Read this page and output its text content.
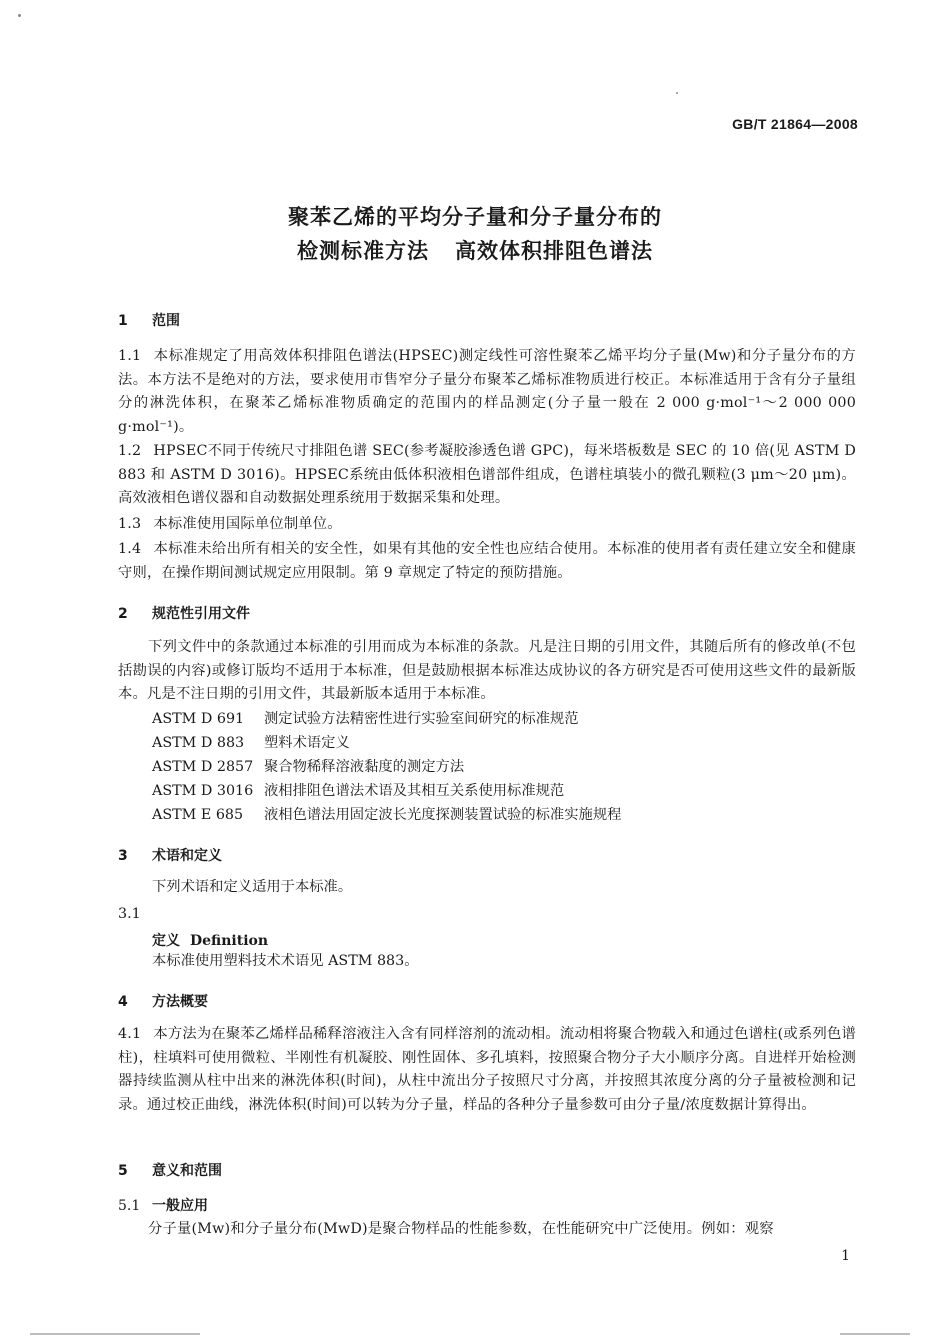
GB/T 21864—2008
聚苯乙烯的平均分子量和分子量分布的
检测标准方法 高效体积排阻色谱法
1 范围
1.1 本标准规定了用高效体积排阻色谱法(HPSEC)测定线性可溶性聚苯乙烯平均分子量(Mw)和分子量分布的方法。本方法不是绝对的方法，要求使用市售窄分子量分布聚苯乙烯标准物质进行校正。本标准适用于含有分子量组分的淋洗体积，在聚苯乙烯标准物质确定的范围内的样品测定(分子量一般在 2 000 g·mol⁻¹～2 000 000 g·mol⁻¹)。
1.2 HPSEC不同于传统尺寸排阻色谱 SEC(参考凝胶渗透色谱 GPC)，每米塔板数是 SEC 的 10 倍(见 ASTM D 883 和 ASTM D 3016)。HPSEC系统由低体积液相色谱部件组成，色谱柱填装小的微孔颗粒(3 μm～20 μm)。高效液相色谱仪器和自动数据处理系统用于数据采集和处理。
1.3 本标准使用国际单位制单位。
1.4 本标准未给出所有相关的安全性，如果有其他的安全性也应结合使用。本标准的使用者有责任建立安全和健康守则，在操作期间测试规定应用限制。第 9 章规定了特定的预防措施。
2 规范性引用文件
下列文件中的条款通过本标准的引用而成为本标准的条款。凡是注日期的引用文件，其随后所有的修改单(不包括勘误的内容)或修订版均不适用于本标准，但是鼓励根据本标准达成协议的各方研究是否可使用这些文件的最新版本。凡是不注日期的引用文件，其最新版本适用于本标准。
ASTM D 691 测定试验方法精密性进行实验室间研究的标准规范
ASTM D 883 塑料术语定义
ASTM D 2857 聚合物稀释溶液黏度的测定方法
ASTM D 3016 液相排阻色谱法术语及其相互关系使用标准规范
ASTM E 685 液相色谱法用固定波长光度探测装置试验的标准实施规程
3 术语和定义
下列术语和定义适用于本标准。
3.1
定义 Definition
本标准使用塑料技术术语见 ASTM 883。
4 方法概要
4.1 本方法为在聚苯乙烯样品稀释溶液注入含有同样溶剂的流动相。流动相将聚合物载入和通过色谱柱(或系列色谱柱)，柱填料可使用微粒、半刚性有机凝胶、刚性固体、多孔填料，按照聚合物分子大小顺序分离。自进样开始检测器持续监测从柱中出来的淋洗体积(时间)，从柱中流出分子按照尺寸分离，并按照其浓度分离的分子量被检测和记录。通过校正曲线，淋洗体积(时间)可以转为分子量，样品的各种分子量参数可由分子量/浓度数据计算得出。
5 意义和范围
5.1 一般应用
分子量(Mw)和分子量分布(MwD)是聚合物样品的性能参数，在性能研究中广泛使用。例如：观察
1
